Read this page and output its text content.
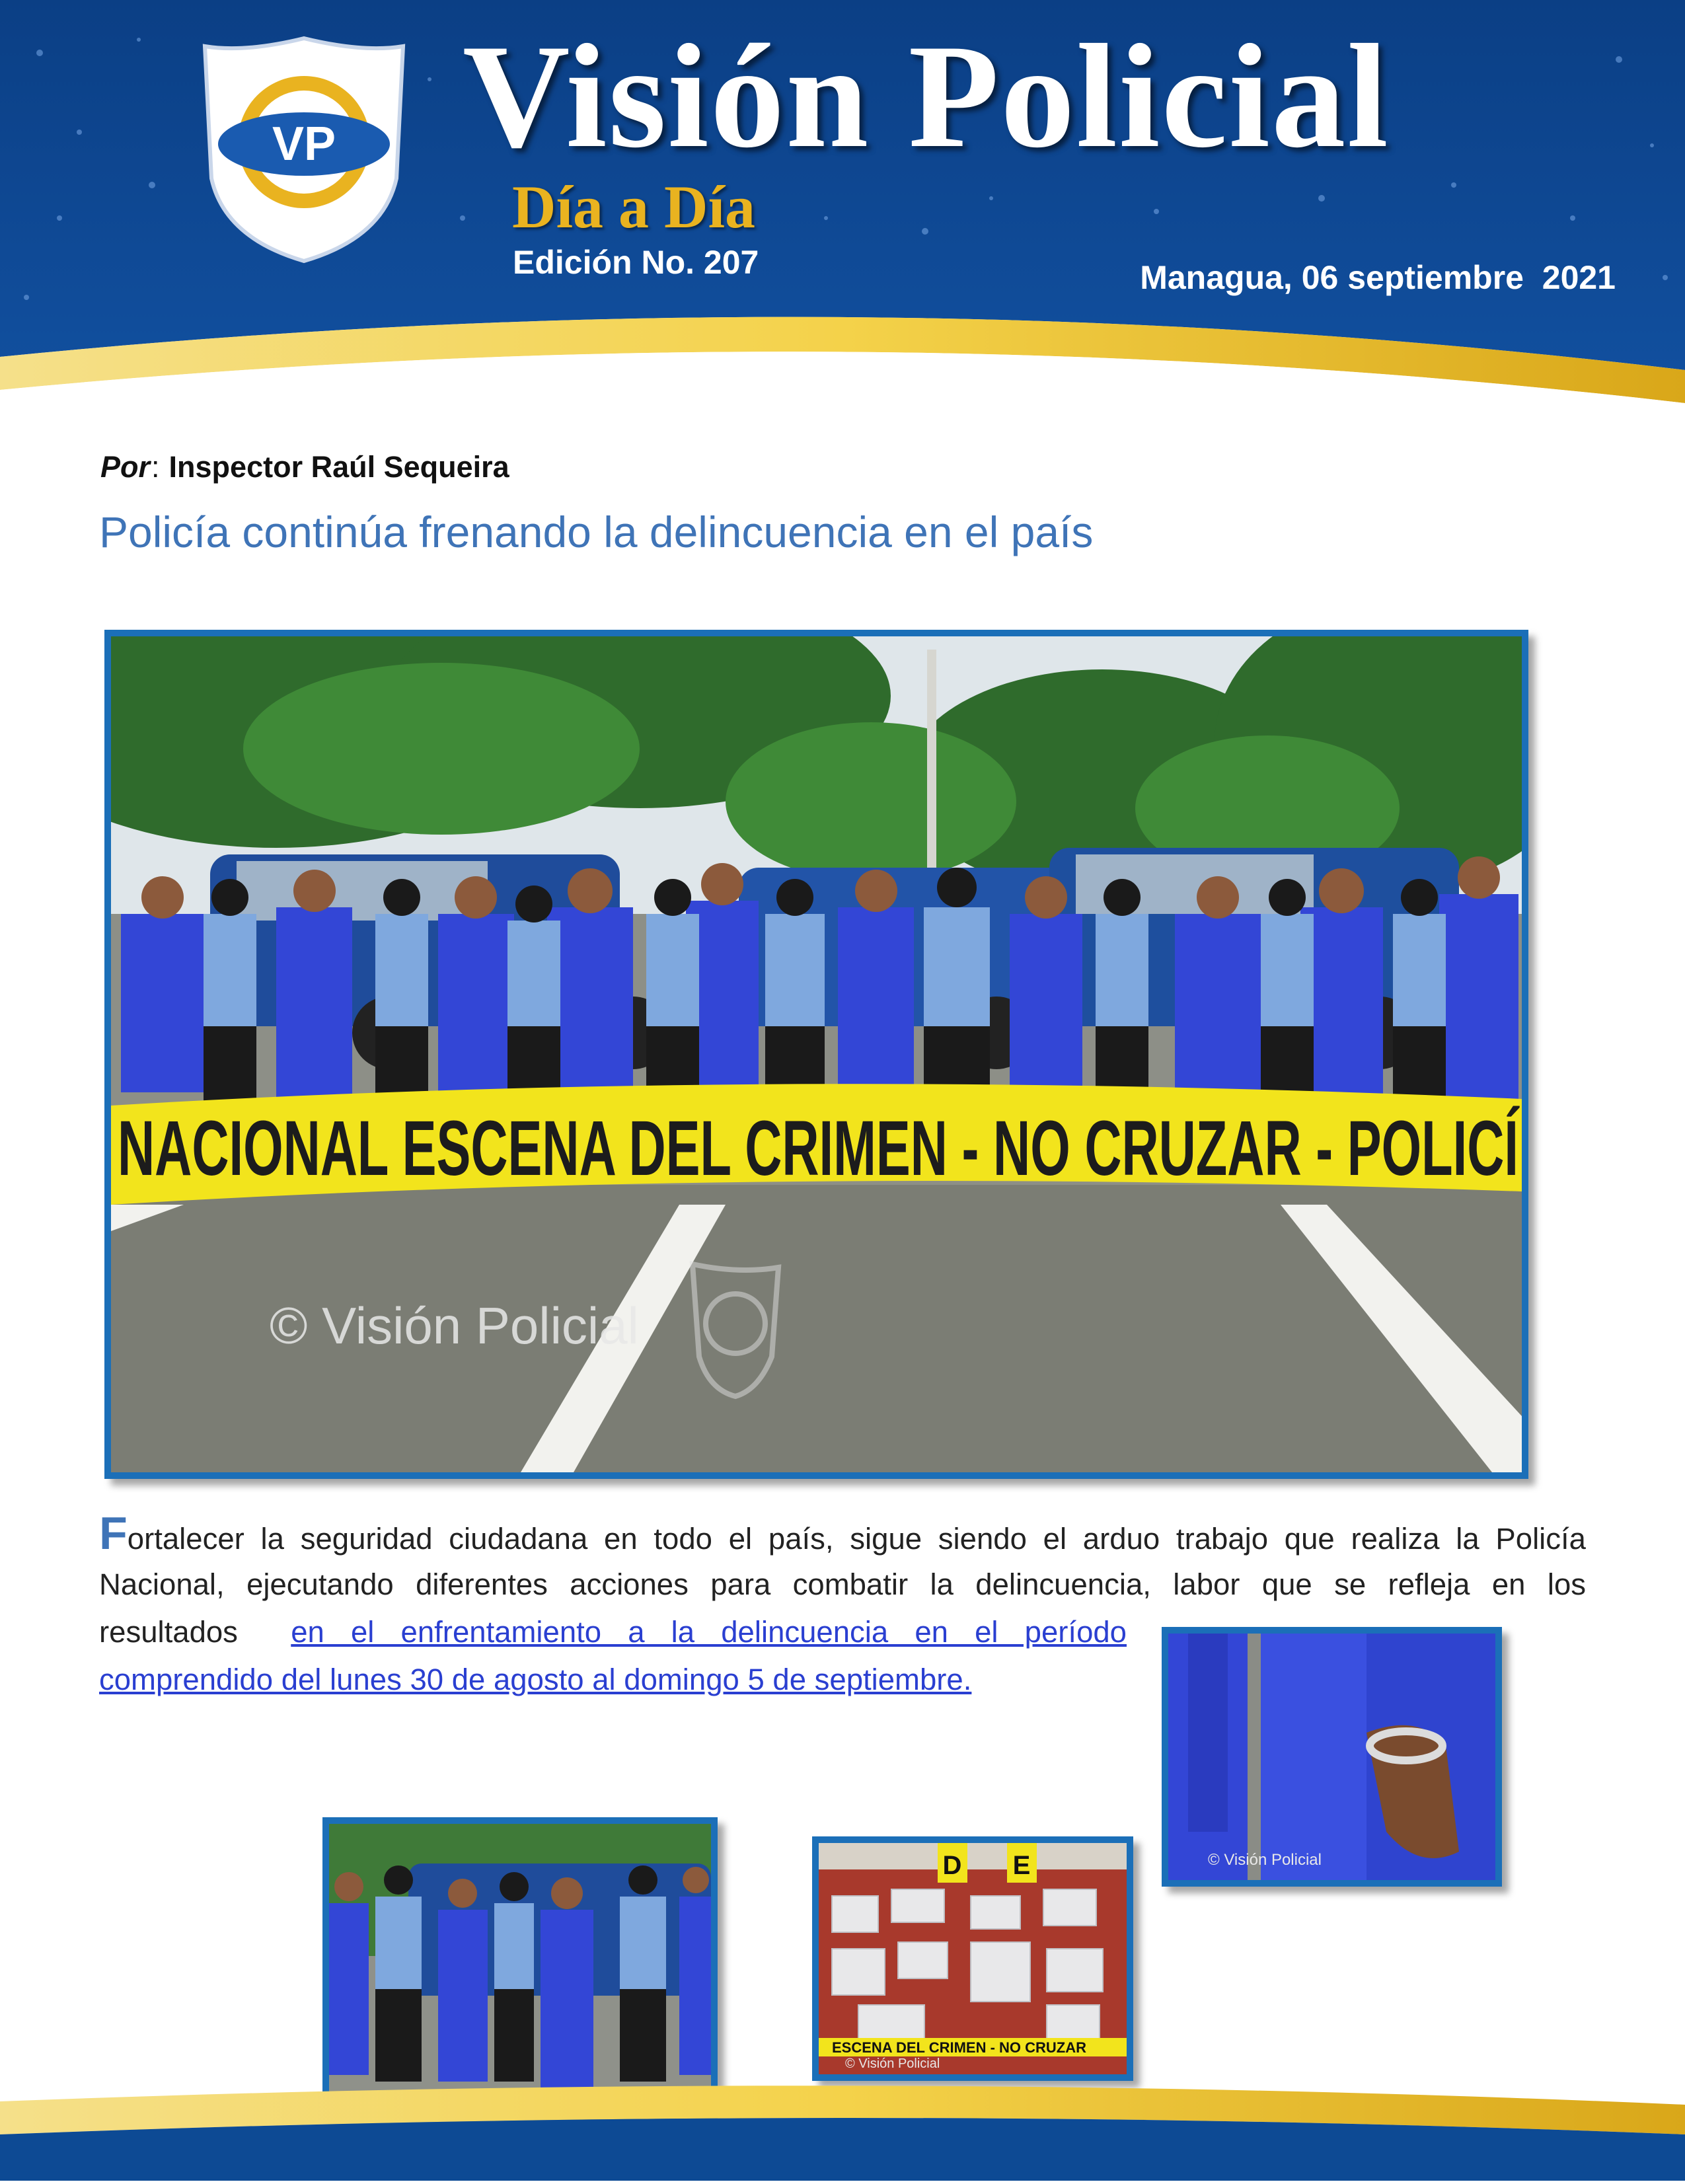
VP Visión Policial
Día a Día
Edición No. 207	Managua, 06 septiembre  2021
Por: Inspector Raúl Sequeira
Policía continúa frenando la delincuencia en el país
NACIONAL ESCENA DEL CRIMEN - NO CRUZAR - POLICÍ
© Visión Policial
Fortalecer la seguridad ciudadana en todo el país, sigue siendo el arduo trabajo que realiza la Policía
Nacional, ejecutando diferentes acciones para combatir la delincuencia, labor que se refleja en los
resultados en el enfrentamiento a la delincuencia en el período
comprendido del lunes 30 de agosto al domingo 5 de septiembre.
© Visión Policial
D E
ESCENA DEL CRIMEN - NO CRUZAR
© Visión Policial
